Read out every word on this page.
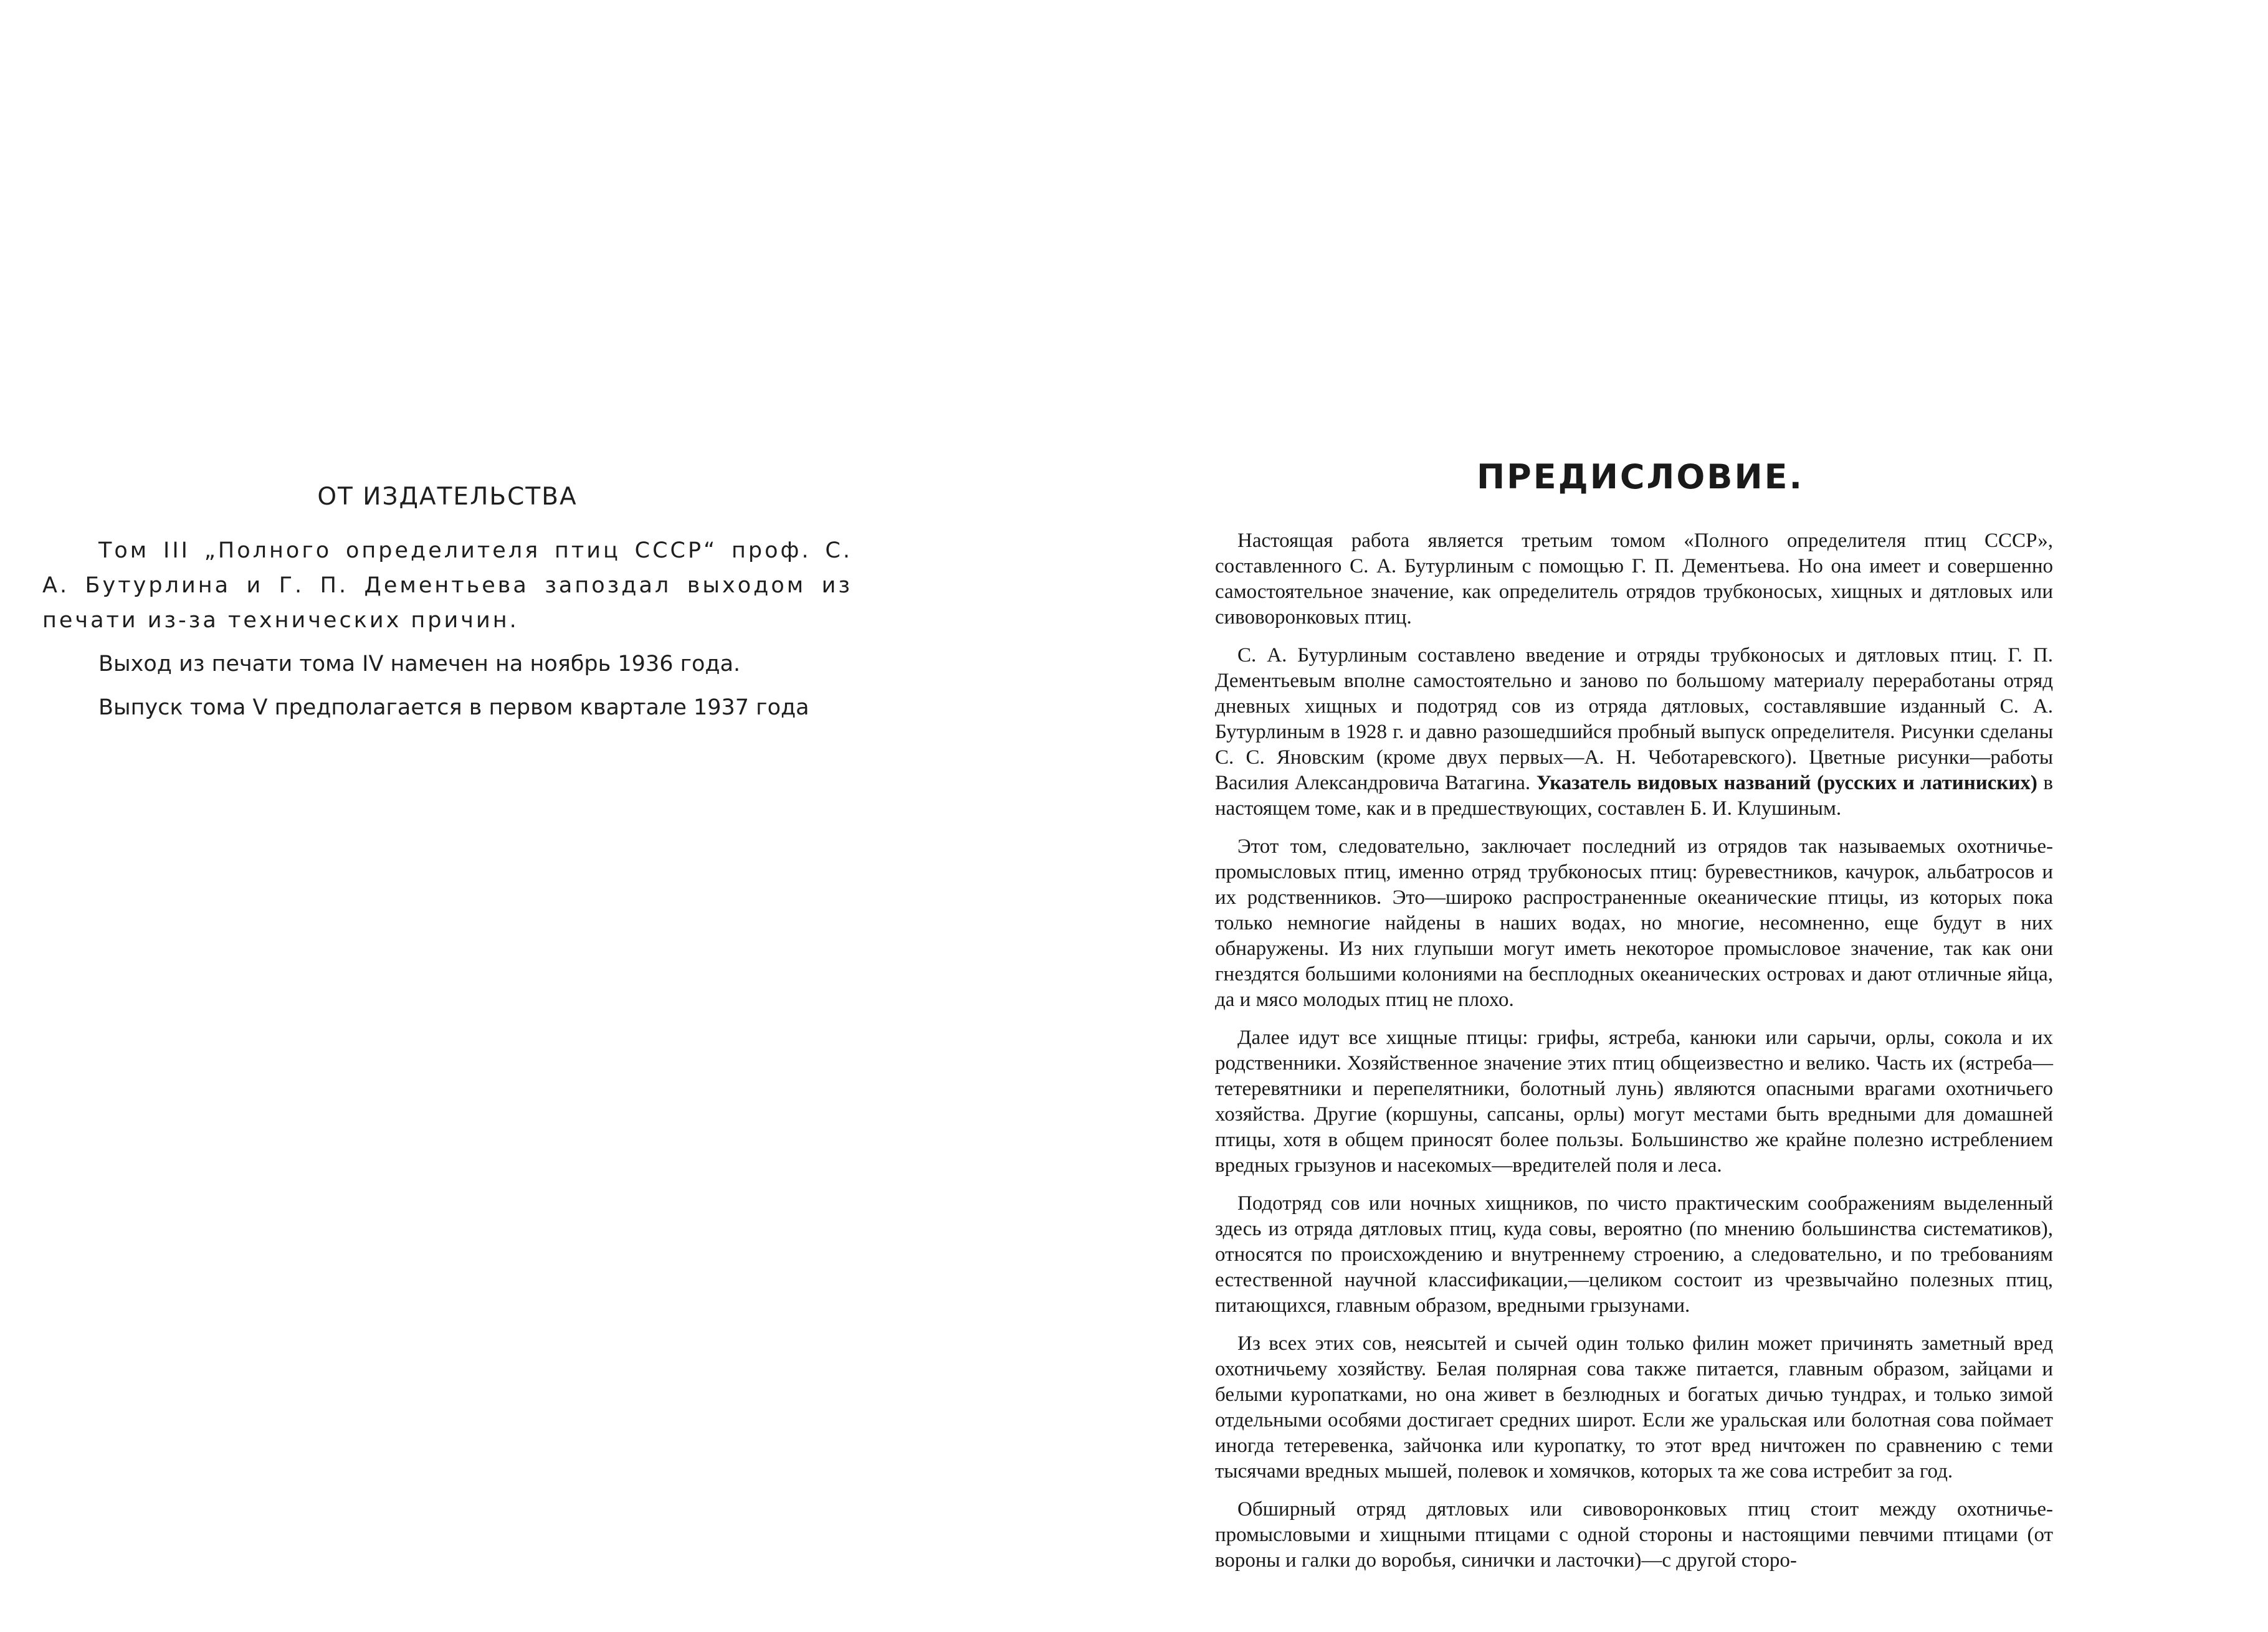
ОТ ИЗДАТЕЛЬСТВА

Том III „Полного определителя птиц СССР“ проф. С. А. Бутурлина и Г. П. Дементьева запоздал выходом из печати из-за технических причин.

Выход из печати тома IV намечен на ноябрь 1936 года.

Выпуск тома V предполагается в первом квартале 1937 года

ПРЕДИСЛОВИЕ.

Настоящая работа является третьим томом «Полного определителя птиц СССР», составленного С. А. Бутурлиным с помощью Г. П. Дементьева. Но она имеет и совершенно самостоятельное значение, как определитель отрядов трубконосых, хищных и дятловых или сивоворонковых птиц.

С. А. Бутурлиным составлено введение и отряды трубконосых и дятловых птиц. Г. П. Дементьевым вполне самостоятельно и заново по большому материалу переработаны отряд дневных хищных и подотряд сов из отряда дятловых, составлявшие изданный С. А. Бутурлиным в 1928 г. и давно разошедшийся пробный выпуск определителя. Рисунки сделаны С. С. Яновским (кроме двух первых—А. Н. Чеботаревского). Цветные рисунки—работы Василия Александровича Ватагина. Указатель видовых названий (русских и латиниских) в настоящем томе, как и в предшествующих, составлен Б. И. Клушиным.

Этот том, следовательно, заключает последний из отрядов так называемых охотничье-промысловых птиц, именно отряд трубконосых птиц: буревестников, качурок, альбатросов и их родственников. Это—широко распространенные океанические птицы, из которых пока только немногие найдены в наших водах, но многие, несомненно, еще будут в них обнаружены. Из них глупыши могут иметь некоторое промысловое значение, так как они гнездятся большими колониями на бесплодных океанических островах и дают отличные яйца, да и мясо молодых птиц не плохо.

Далее идут все хищные птицы: грифы, ястреба, канюки или сарычи, орлы, сокола и их родственники. Хозяйственное значение этих птиц общеизвестно и велико. Часть их (ястреба—тетеревятники и перепелятники, болотный лунь) являются опасными врагами охотничьего хозяйства. Другие (коршуны, сапсаны, орлы) могут местами быть вредными для домашней птицы, хотя в общем приносят более пользы. Большинство же крайне полезно истреблением вредных грызунов и насекомых—вредителей поля и леса.

Подотряд сов или ночных хищников, по чисто практическим соображениям выделенный здесь из отряда дятловых птиц, куда совы, вероятно (по мнению большинства систематиков), относятся по происхождению и внутреннему строению, а следовательно, и по требованиям естественной научной классификации,—целиком состоит из чрезвычайно полезных птиц, питающихся, главным образом, вредными грызунами.

Из всех этих сов, неясытей и сычей один только филин может причинять заметный вред охотничьему хозяйству. Белая полярная сова также питается, главным образом, зайцами и белыми куропатками, но она живет в безлюдных и богатых дичью тундрах, и только зимой отдельными особями достигает средних широт. Если же уральская или болотная сова поймает иногда тетеревенка, зайчонка или куропатку, то этот вред ничтожен по сравнению с теми тысячами вредных мышей, полевок и хомячков, которых та же сова истребит за год.

Обширный отряд дятловых или сивоворонковых птиц стоит между охотничье-промысловыми и хищными птицами с одной стороны и настоящими певчими птицами (от вороны и галки до воробья, синички и ласточки)—с другой сторо-
